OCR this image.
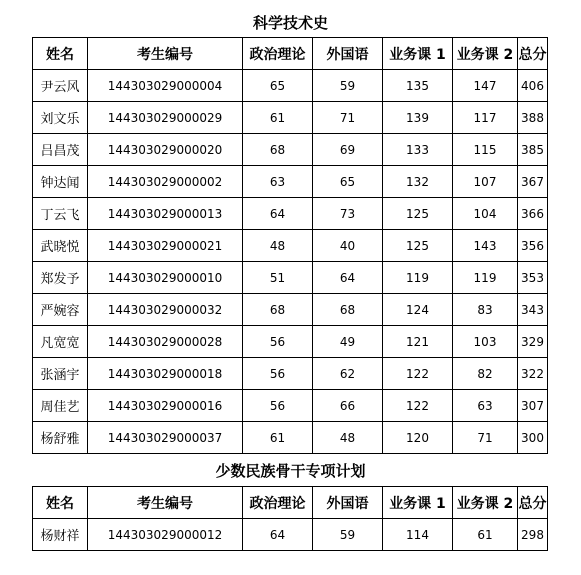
科学技术史
姓名	考生编号	政治理论	外国语	业务课 1	业务课 2	总分
尹云风	144303029000004	65	59	135	147	406
刘文乐	144303029000029	61	71	139	117	388
吕昌茂	144303029000020	68	69	133	115	385
钟达闻	144303029000002	63	65	132	107	367
丁云飞	144303029000013	64	73	125	104	366
武晓悦	144303029000021	48	40	125	143	356
郑发予	144303029000010	51	64	119	119	353
严婉容	144303029000032	68	68	124	83	343
凡宽宽	144303029000028	56	49	121	103	329
张涵宇	144303029000018	56	62	122	82	322
周佳艺	144303029000016	56	66	122	63	307
杨舒雅	144303029000037	61	48	120	71	300
少数民族骨干专项计划
姓名	考生编号	政治理论	外国语	业务课 1	业务课 2	总分
杨财祥	144303029000012	64	59	114	61	298
